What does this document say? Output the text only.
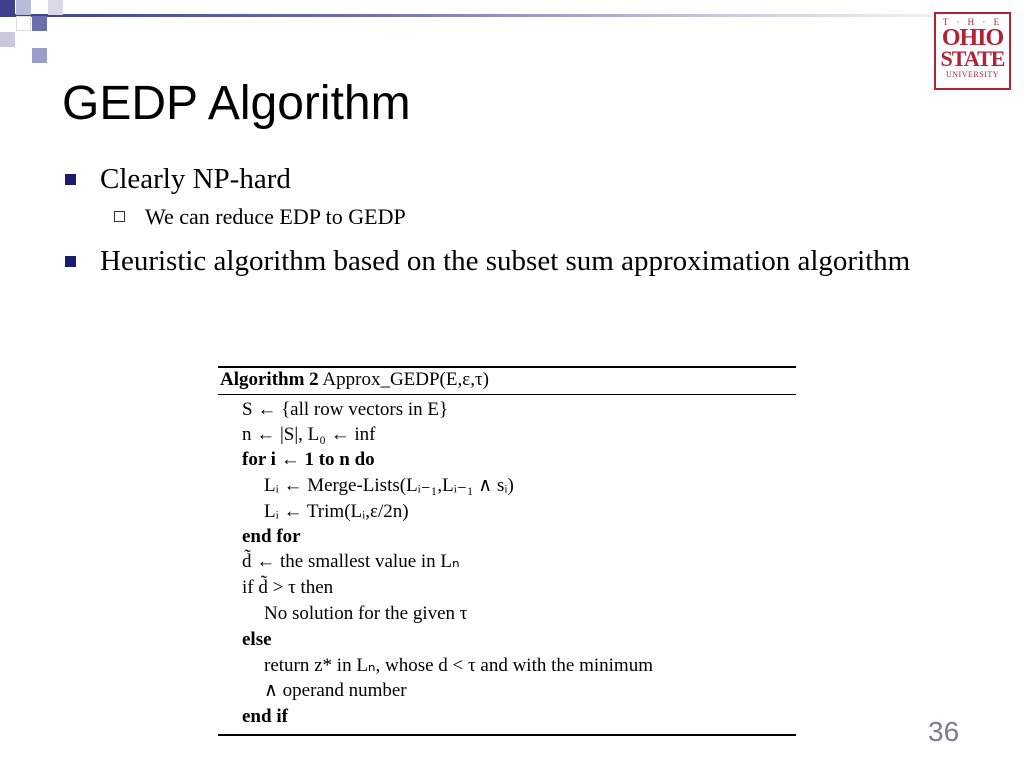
GEDP Algorithm
T · H · E
OHIO
STATE
UNIVERSITY
Clearly NP-hard
We can reduce EDP to GEDP
Heuristic algorithm based on the subset sum approximation algorithm
Algorithm 2 Approx_GEDP(E,ε,τ)
S ← {all row vectors in E}
n ← |S|, L₀ ← inf
for i ← 1 to n do
Lᵢ ← Merge-Lists(Lᵢ₋₁,Lᵢ₋₁ ∧ sᵢ)
Lᵢ ← Trim(Lᵢ,ε/2n)
end for
d̃ ← the smallest value in Lₙ
if d̃ > τ then
No solution for the given τ
else
return z* in Lₙ, whose d < τ and with the minimum
∧ operand number
end if	36
